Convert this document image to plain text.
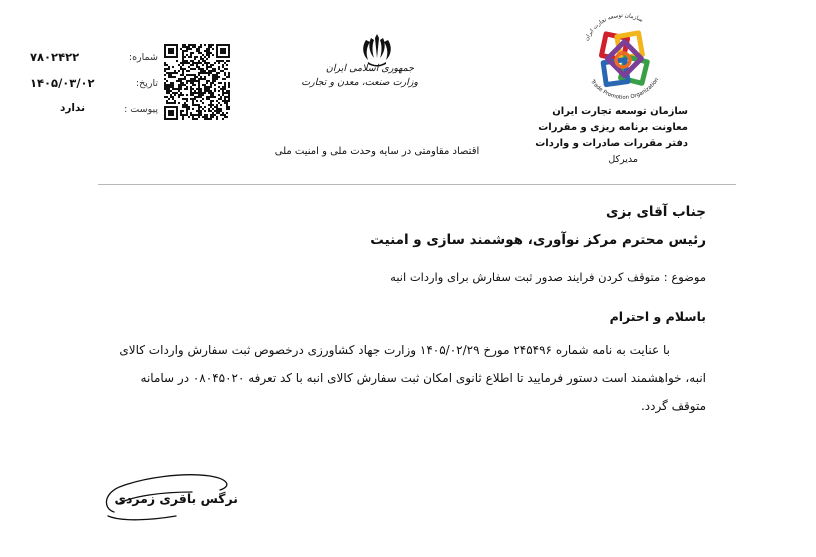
سازمان توسعه تجارت ایران
Trade Promotion Organization
سازمان توسعه تجارت ایران
معاونت برنامه ریزی و مقررات
دفتر مقررات صادرات و واردات
مدیرکل
جمهوری اسلامی ایران
وزارت صنعت، معدن و تجارت
اقتصاد مقاومتی در سایه وحدت ملی و امنیت ملی
شماره:
۷۸۰۲۴۲۲
تاریخ:
۱۴۰۵/۰۳/۰۲
پیوست :
ندارد
جناب آقای بزی
رئیس محترم مرکز نوآوری، هوشمند سازی و امنیت
موضوع : متوقف کردن فرایند صدور ثبت سفارش برای واردات انبه
باسلام و احترام
با عنایت به نامه شماره ۲۴۵۴۹۶ مورخ ۱۴۰۵/۰۲/۲۹ وزارت جهاد کشاورزی درخصوص ثبت سفارش واردات کالای
انبه، خواهشمند است دستور فرمایید تا اطلاع ثانوی امکان ثبت سفارش کالای انبه با کد تعرفه ۰۸۰۴۵۰۲۰ در سامانه
متوقف گردد.
نرگس باقری زمردی
